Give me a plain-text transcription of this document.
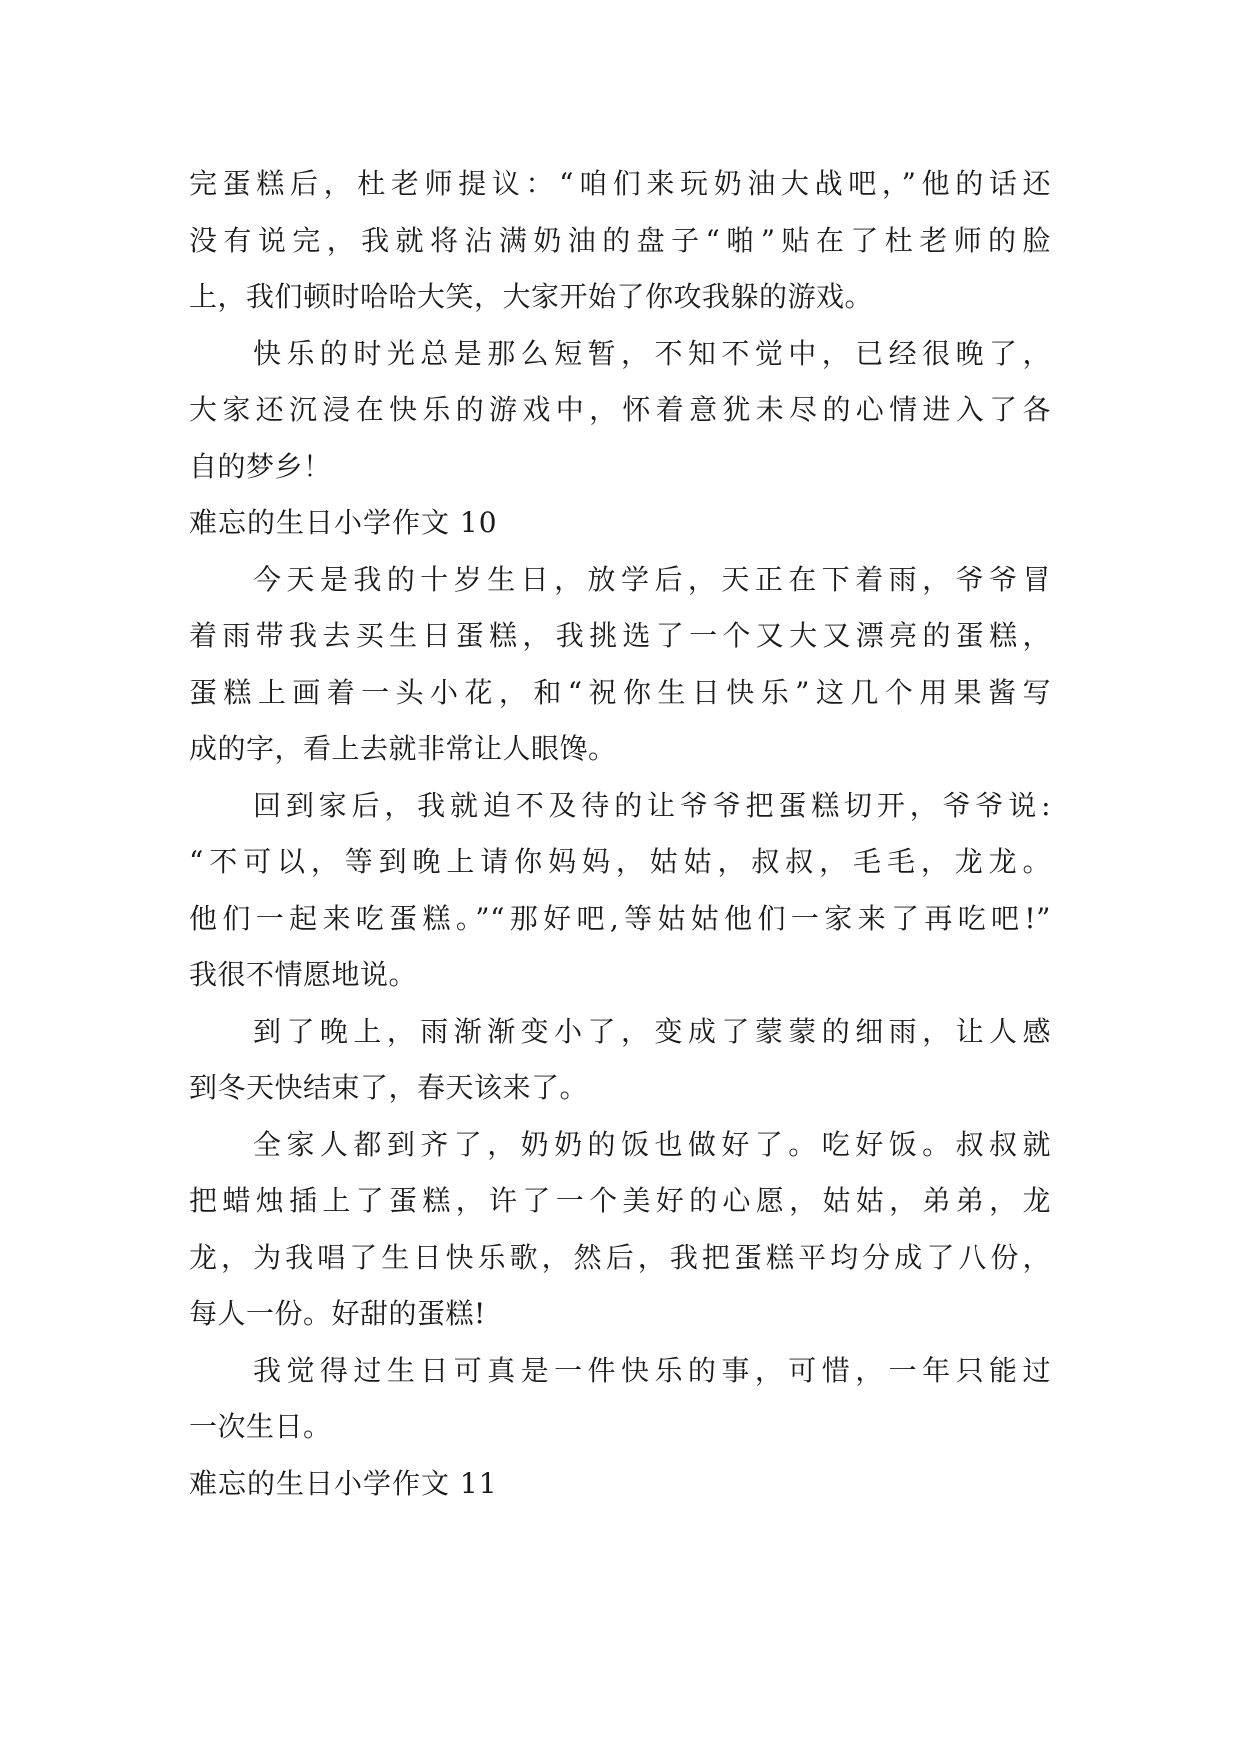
完蛋糕后，杜老师提议：“咱们来玩奶油大战吧，”他的话还
没有说完，我就将沾满奶油的盘子“啪”贴在了杜老师的脸
上，我们顿时哈哈大笑，大家开始了你攻我躲的游戏。
快乐的时光总是那么短暂，不知不觉中，已经很晚了，
大家还沉浸在快乐的游戏中，怀着意犹未尽的心情进入了各
自的梦乡！
难忘的生日小学作文 10
今天是我的十岁生日，放学后，天正在下着雨，爷爷冒
着雨带我去买生日蛋糕，我挑选了一个又大又漂亮的蛋糕，
蛋糕上画着一头小花，和“祝你生日快乐”这几个用果酱写
成的字，看上去就非常让人眼馋。
回到家后，我就迫不及待的让爷爷把蛋糕切开，爷爷说:
“不可以，等到晚上请你妈妈，姑姑，叔叔，毛毛，龙龙。
他们一起来吃蛋糕。”“那好吧,等姑姑他们一家来了再吃吧!”
我很不情愿地说。
到了晚上，雨渐渐变小了，变成了蒙蒙的细雨，让人感
到冬天快结束了，春天该来了。
全家人都到齐了，奶奶的饭也做好了。吃好饭。叔叔就
把蜡烛插上了蛋糕，许了一个美好的心愿，姑姑，弟弟，龙
龙，为我唱了生日快乐歌，然后，我把蛋糕平均分成了八份，
每人一份。好甜的蛋糕!
我觉得过生日可真是一件快乐的事，可惜，一年只能过
一次生日。
难忘的生日小学作文 11
